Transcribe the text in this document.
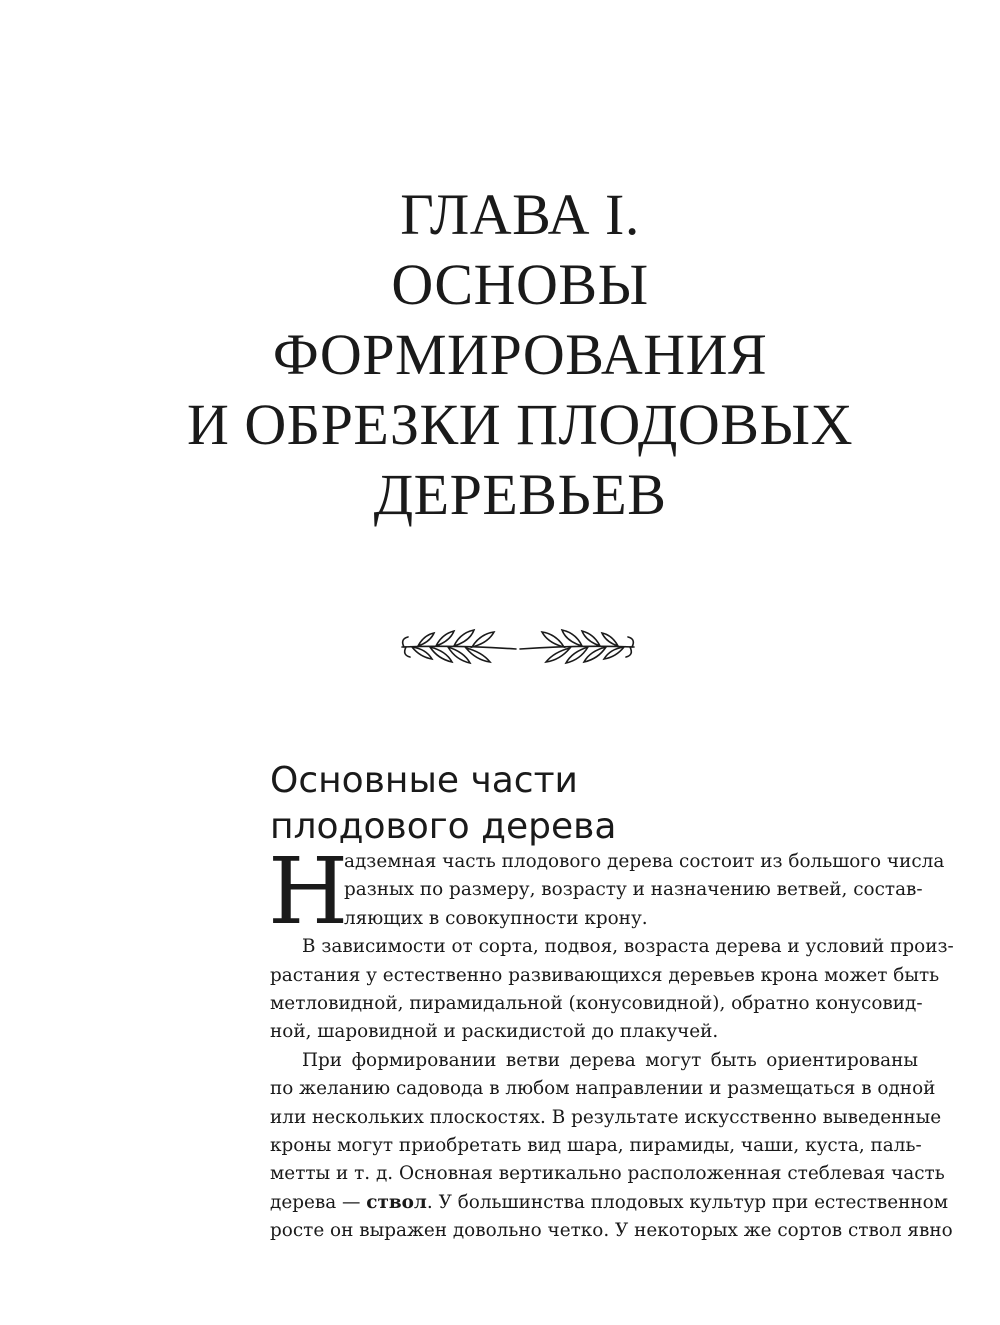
ГЛАВА I.
ОСНОВЫ
ФОРМИРОВАНИЯ
И ОБРЕЗКИ ПЛОДОВЫХ
ДЕРЕВЬЕВ
Основные части
плодового дерева
Н
адземная часть плодового дерева состоит из большого числа
разных по размеру, возрасту и назначению ветвей, состав-
ляющих в совокупности крону.
В зависимости от сорта, подвоя, возраста дерева и условий произ-
растания у естественно развивающихся деревьев крона может быть
метловидной, пирамидальной (конусовидной), обратно конусовид-
ной, шаровидной и раскидистой до плакучей.
При формировании ветви дерева могут быть ориентированы
по желанию садовода в любом направлении и размещаться в одной
или нескольких плоскостях. В результате искусственно выведенные
кроны могут приобретать вид шара, пирамиды, чаши, куста, паль-
метты и т. д. Основная вертикально расположенная стеблевая часть
дерева — ствол. У большинства плодовых культур при естественном
росте он выражен довольно четко. У некоторых же сортов ствол явно
